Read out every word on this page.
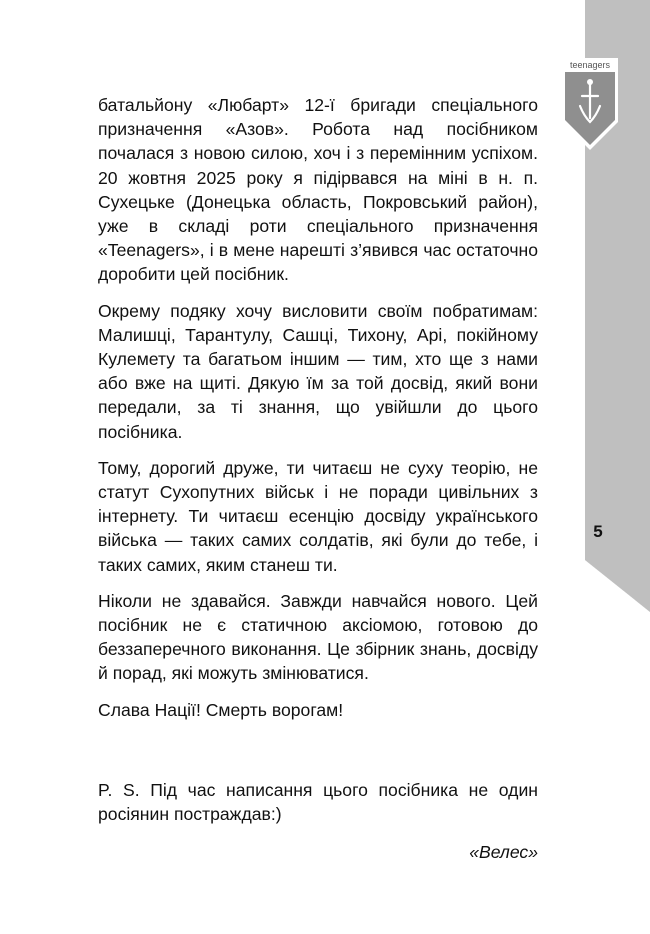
teenagers
5

батальйону «Любарт» 12-ї бригади спеціального призначення «Азов». Робота над посібником почалася з новою силою, хоч і з перемінним успіхом. 20 жовтня 2025 року я підірвався на міні в н. п. Сухецьке (Донецька область, Покровський район), уже в складі роти спеціального призначення «Teenagers», і в мене нарешті з’явився час остаточно доробити цей посібник.

Окрему подяку хочу висловити своїм побратимам: Малишці, Тарантулу, Сашці, Тихону, Арі, покійному Кулемету та багатьом іншим — тим, хто ще з нами або вже на щиті. Дякую їм за той досвід, який вони передали, за ті знання, що увійшли до цього посібника.

Тому, дорогий друже, ти читаєш не суху теорію, не статут Сухопутних військ і не поради цивільних з інтернету. Ти читаєш есенцію досвіду українського війська — таких самих солдатів, які були до тебе, і таких самих, яким станеш ти.

Ніколи не здавайся. Завжди навчайся нового. Цей посібник не є статичною аксіомою, готовою до беззаперечного виконання. Це збірник знань, досвіду й порад, які можуть змінюватися.

Слава Нації! Смерть ворогам!

P. S. Під час написання цього посібника не один росіянин постраждав:)

«Велес»
